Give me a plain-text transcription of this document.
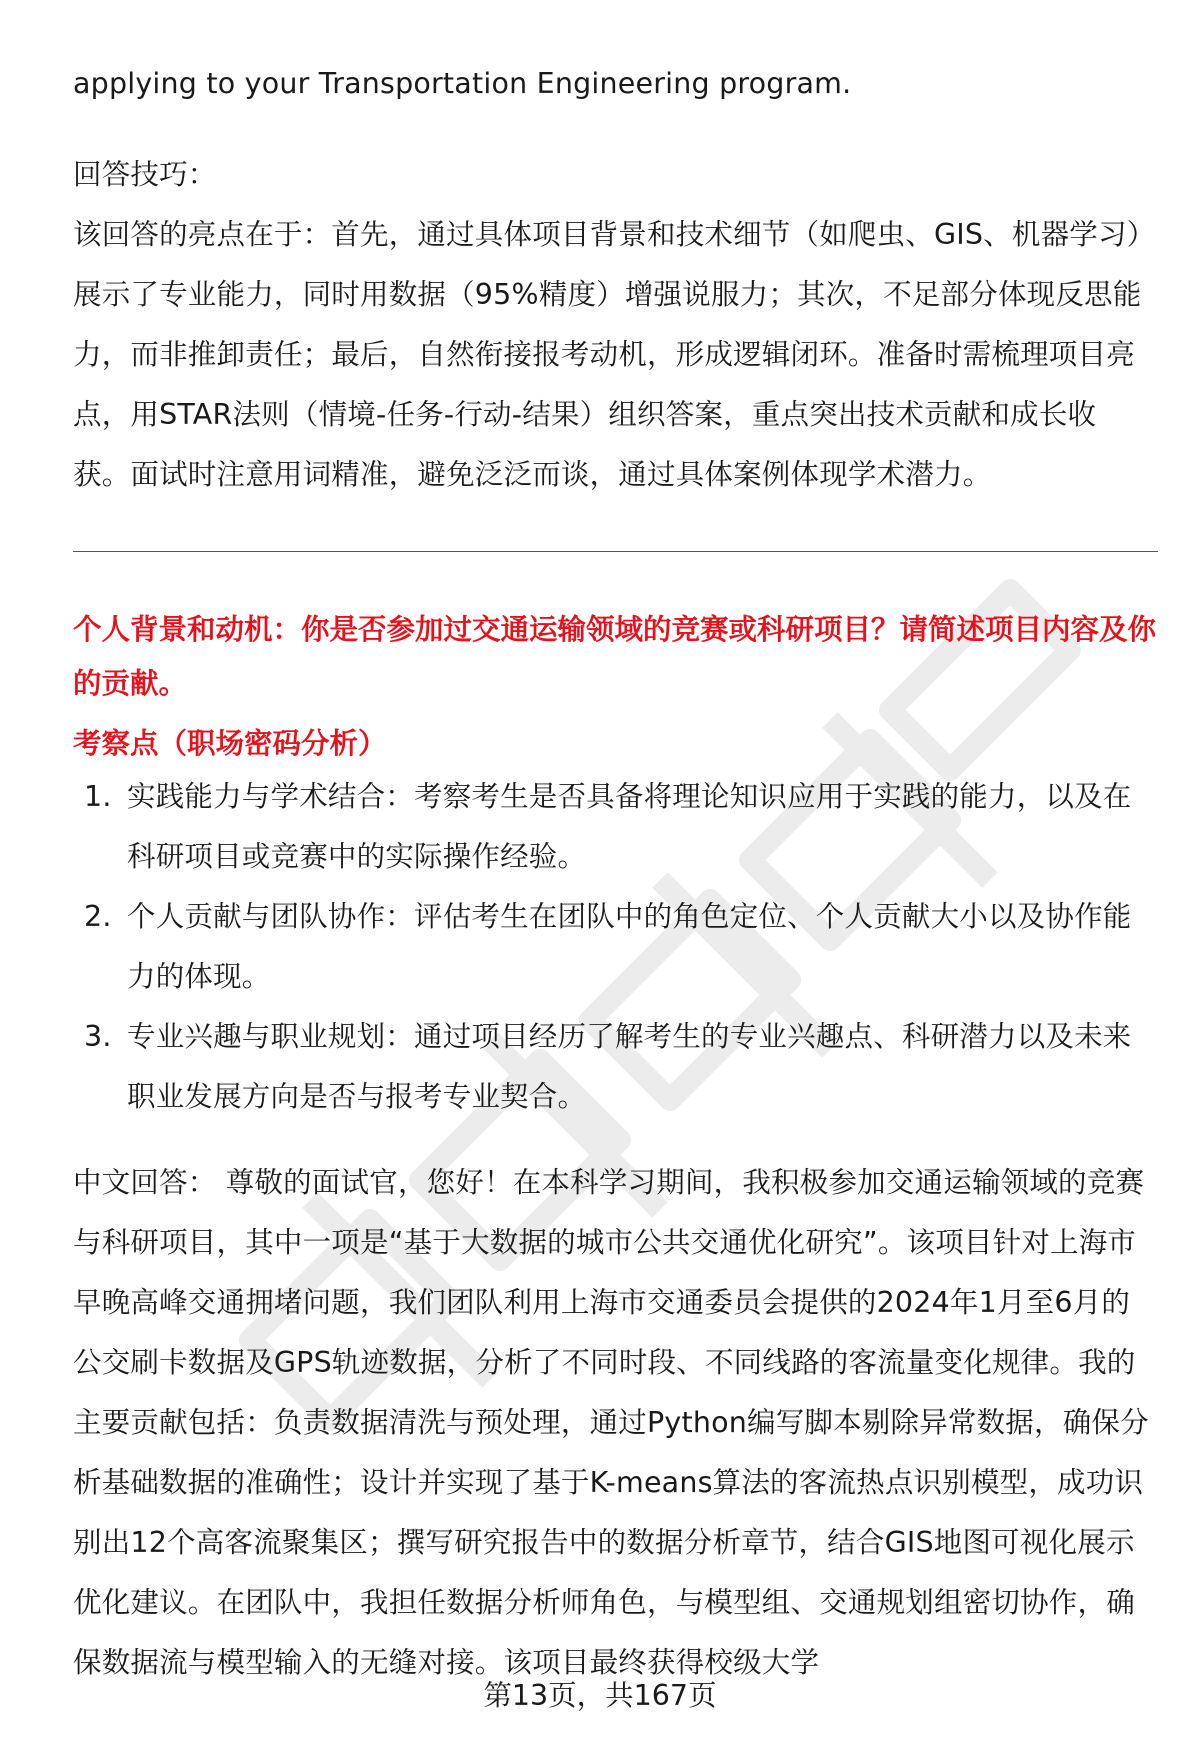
applying to your Transportation Engineering program.

回答技巧：

该回答的亮点在于：首先，通过具体项目背景和技术细节（如爬虫、GIS、机器学习）展示了专业能力，同时用数据（95%精度）增强说服力；其次，不足部分体现反思能力，而非推卸责任；最后，自然衔接报考动机，形成逻辑闭环。准备时需梳理项目亮点，用STAR法则（情境-任务-行动-结果）组织答案，重点突出技术贡献和成长收获。面试时注意用词精准，避免泛泛而谈，通过具体案例体现学术潜力。

个人背景和动机：你是否参加过交通运输领域的竞赛或科研项目？请简述项目内容及你的贡献。

考察点（职场密码分析）

1. 实践能力与学术结合：考察考生是否具备将理论知识应用于实践的能力，以及在科研项目或竞赛中的实际操作经验。
2. 个人贡献与团队协作：评估考生在团队中的角色定位、个人贡献大小以及协作能力的体现。
3. 专业兴趣与职业规划：通过项目经历了解考生的专业兴趣点、科研潜力以及未来职业发展方向是否与报考专业契合。

中文回答： 尊敬的面试官，您好！在本科学习期间，我积极参加交通运输领域的竞赛与科研项目，其中一项是“基于大数据的城市公共交通优化研究”。该项目针对上海市早晚高峰交通拥堵问题，我们团队利用上海市交通委员会提供的2024年1月至6月的公交刷卡数据及GPS轨迹数据，分析了不同时段、不同线路的客流量变化规律。我的主要贡献包括：负责数据清洗与预处理，通过Python编写脚本剔除异常数据，确保分析基础数据的准确性；设计并实现了基于K-means算法的客流热点识别模型，成功识别出12个高客流聚集区；撰写研究报告中的数据分析章节，结合GIS地图可视化展示优化建议。在团队中，我担任数据分析师角色，与模型组、交通规划组密切协作，确保数据流与模型输入的无缝对接。该项目最终获得校级大学

第13页，共167页
